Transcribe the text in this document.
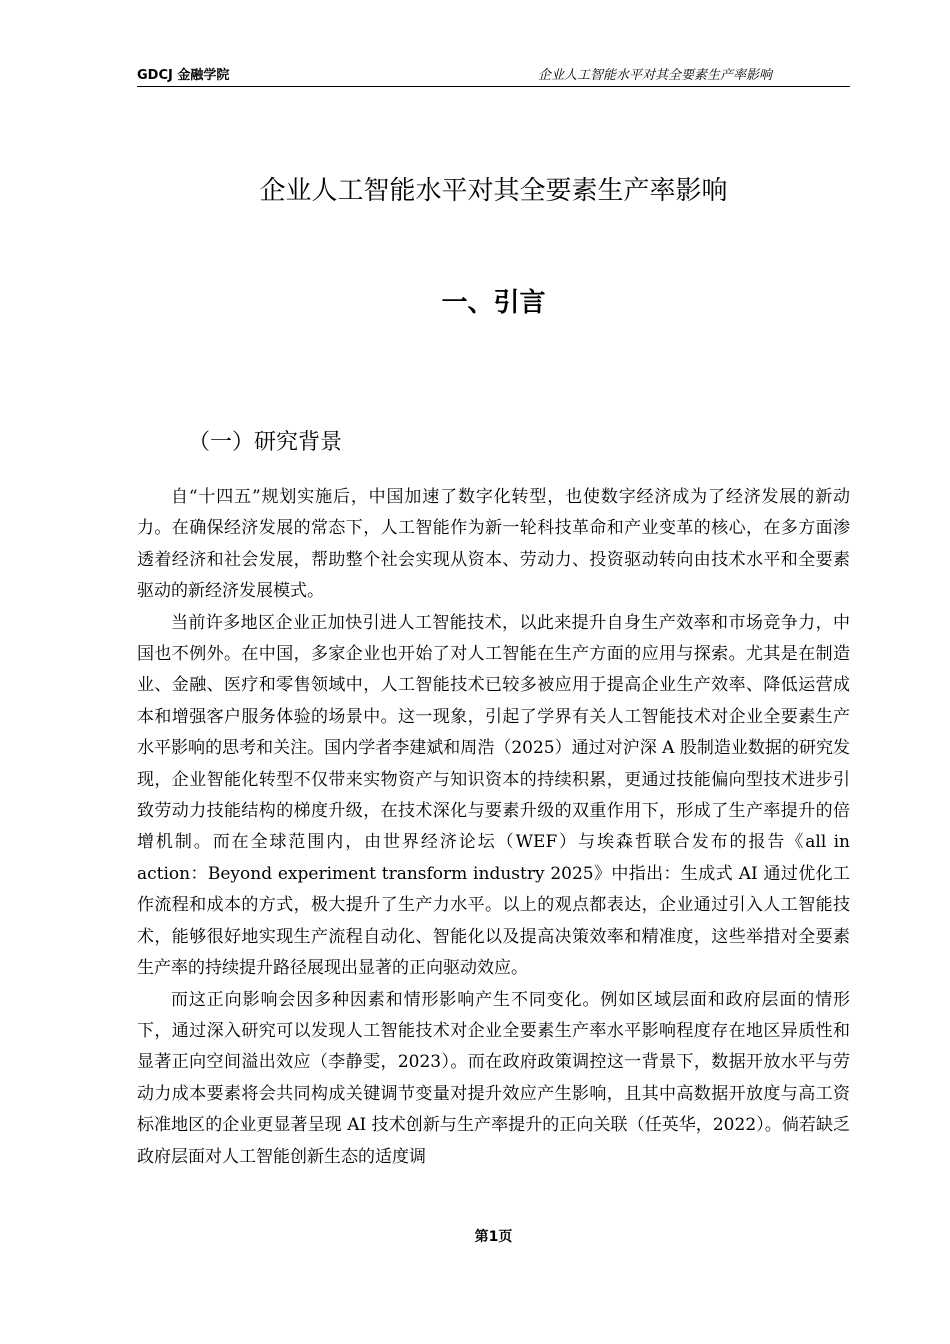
GDCJ 金融学院	企业人工智能水平对其全要素生产率影响
企业人工智能水平对其全要素生产率影响
一、引言
（一）研究背景

自“十四五”规划实施后，中国加速了数字化转型，也使数字经济成为了经济发展的新动力。在确保经济发展的常态下，人工智能作为新一轮科技革命和产业变革的核心，在多方面渗透着经济和社会发展，帮助整个社会实现从资本、劳动力、投资驱动转向由技术水平和全要素驱动的新经济发展模式。

当前许多地区企业正加快引进人工智能技术，以此来提升自身生产效率和市场竞争力，中国也不例外。在中国，多家企业也开始了对人工智能在生产方面的应用与探索。尤其是在制造业、金融、医疗和零售领域中，人工智能技术已较多被应用于提高企业生产效率、降低运营成本和增强客户服务体验的场景中。这一现象，引起了学界有关人工智能技术对企业全要素生产水平影响的思考和关注。国内学者李建斌和周浩（2025）通过对沪深 A 股制造业数据的研究发现，企业智能化转型不仅带来实物资产与知识资本的持续积累，更通过技能偏向型技术进步引致劳动力技能结构的梯度升级，在技术深化与要素升级的双重作用下，形成了生产率提升的倍增机制。而在全球范围内，由世界经济论坛（WEF）与埃森哲联合发布的报告《all in action：Beyond experiment transform industry 2025》中指出：生成式 AI 通过优化工作流程和成本的方式，极大提升了生产力水平。以上的观点都表达，企业通过引入人工智能技术，能够很好地实现生产流程自动化、智能化以及提高决策效率和精准度，这些举措对全要素生产率的持续提升路径展现出显著的正向驱动效应。

而这正向影响会因多种因素和情形影响产生不同变化。例如区域层面和政府层面的情形下，通过深入研究可以发现人工智能技术对企业全要素生产率水平影响程度存在地区异质性和显著正向空间溢出效应（李静雯，2023）。而在政府政策调控这一背景下，数据开放水平与劳动力成本要素将会共同构成关键调节变量对提升效应产生影响，且其中高数据开放度与高工资标准地区的企业更显著呈现 AI 技术创新与生产率提升的正向关联（任英华，2022）。倘若缺乏政府层面对人工智能创新生态的适度调

第1页
